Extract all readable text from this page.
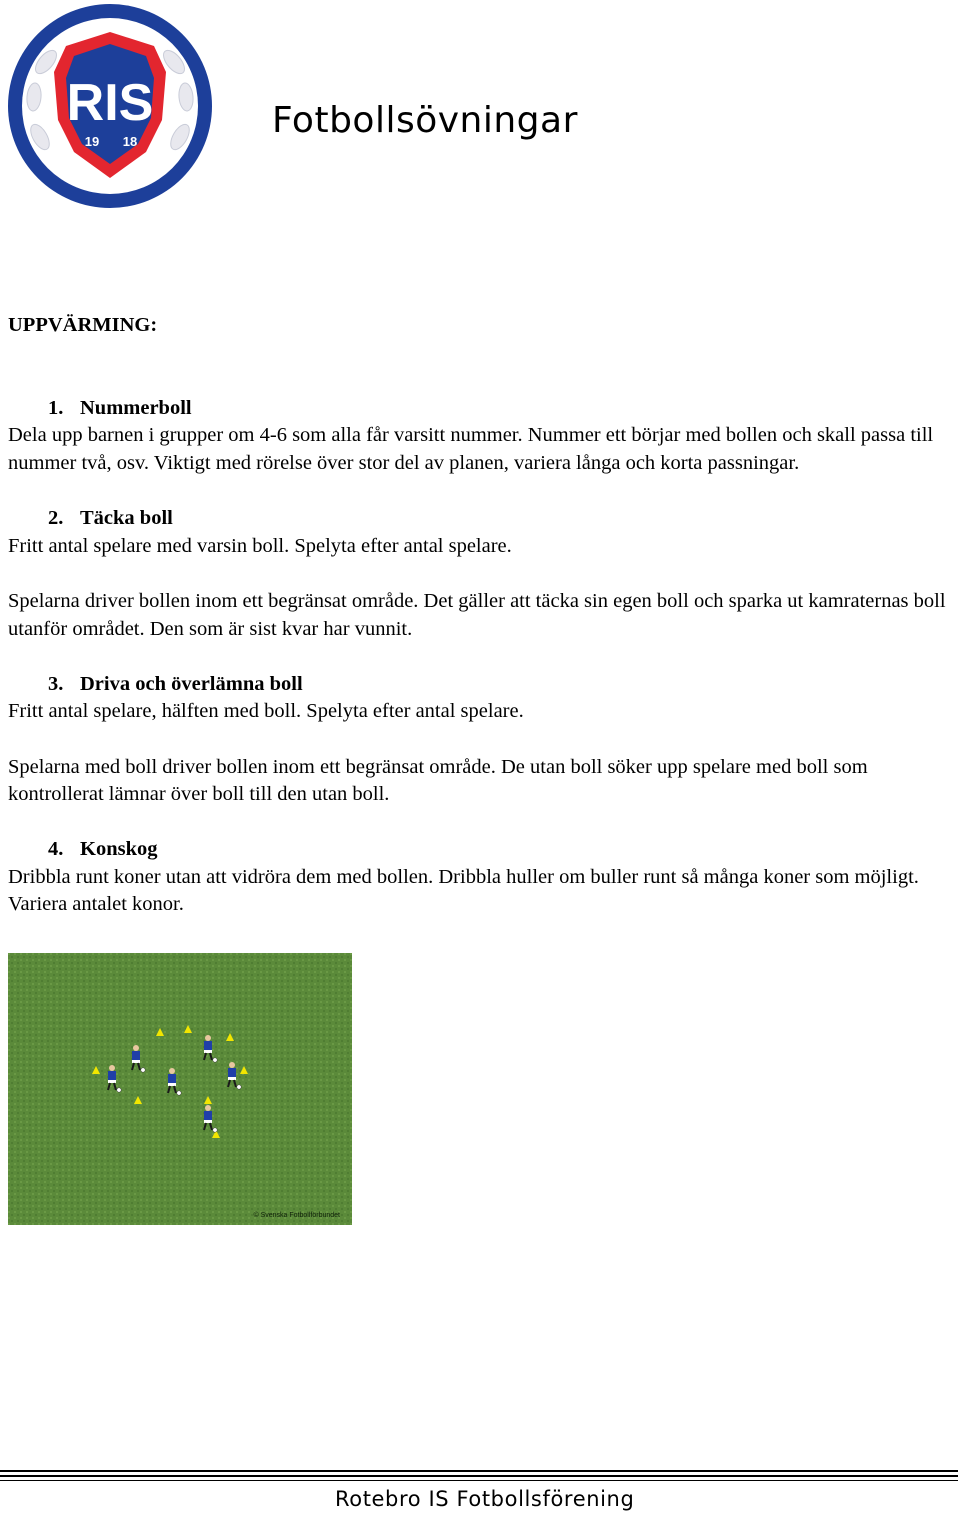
RIS
19 18
Fotbollsövningar

UPPVÄRMING:

1. Nummerboll

Dela upp barnen i grupper om 4-6 som alla får varsitt nummer. Nummer ett börjar med bollen och skall passa till nummer två, osv. Viktigt med rörelse över stor del av planen, variera långa och korta passningar.

2. Täcka boll

Fritt antal spelare med varsin boll. Spelyta efter antal spelare.

Spelarna driver bollen inom ett begränsat område. Det gäller att täcka sin egen boll och sparka ut kamraternas boll utanför området. Den som är sist kvar har vunnit.

3. Driva och överlämna boll

Fritt antal spelare, hälften med boll. Spelyta efter antal spelare.

Spelarna med boll driver bollen inom ett begränsat område. De utan boll söker upp spelare med boll som kontrollerat lämnar över boll till den utan boll.

4. Konskog

Dribbla runt koner utan att vidröra dem med bollen. Dribbla huller om buller runt så många koner som möjligt. Variera antalet konor.

© Svenska Fotbollförbundet
Rotebro IS Fotbollsförening
